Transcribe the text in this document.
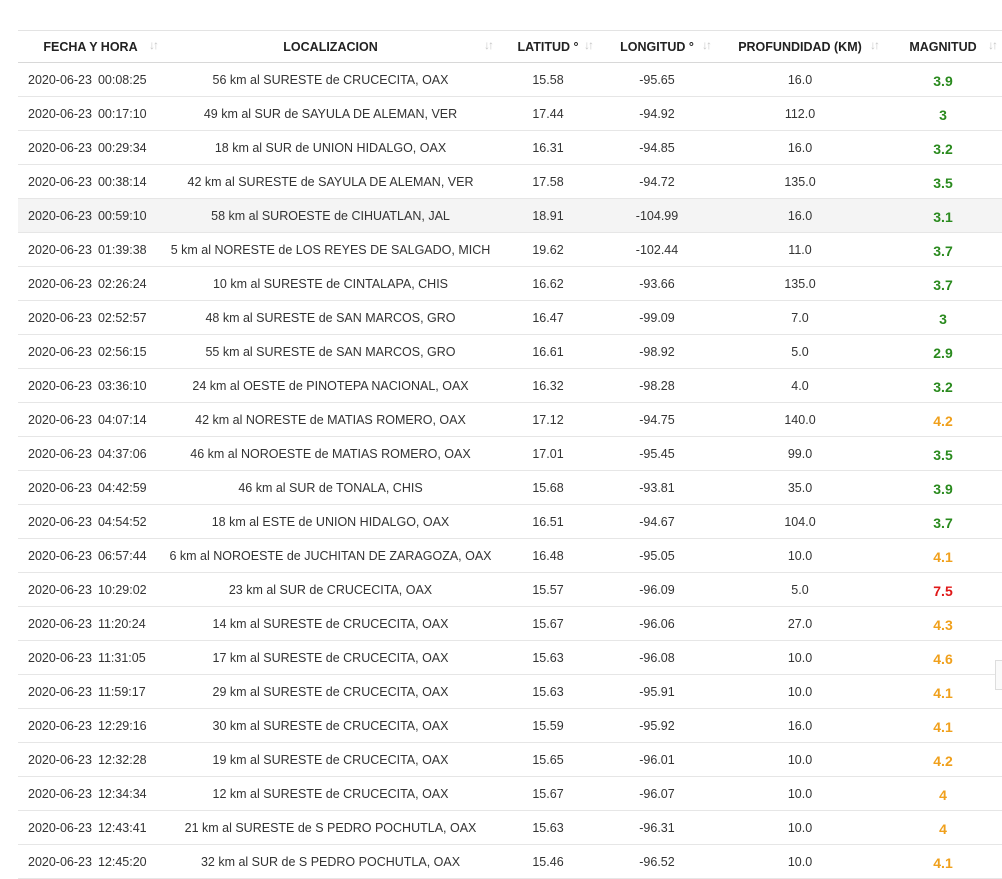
FECHA Y HORA ↓↑	LOCALIZACION ↓↑	LATITUD ° ↓↑	LONGITUD ° ↓↑	PROFUNDIDAD (KM) ↓↑	MAGNITUD ↓↑

2020-06-23 00:08:25	56 km al SURESTE de CRUCECITA, OAX	15.58	-95.65	16.0	3.9
2020-06-23 00:17:10	49 km al SUR de SAYULA DE ALEMAN, VER	17.44	-94.92	112.0	3
2020-06-23 00:29:34	18 km al SUR de UNION HIDALGO, OAX	16.31	-94.85	16.0	3.2
2020-06-23 00:38:14	42 km al SURESTE de SAYULA DE ALEMAN, VER	17.58	-94.72	135.0	3.5
2020-06-23 00:59:10	58 km al SUROESTE de CIHUATLAN, JAL	18.91	-104.99	16.0	3.1
2020-06-23 01:39:38	5 km al NORESTE de LOS REYES DE SALGADO, MICH	19.62	-102.44	11.0	3.7
2020-06-23 02:26:24	10 km al SURESTE de CINTALAPA, CHIS	16.62	-93.66	135.0	3.7
2020-06-23 02:52:57	48 km al SURESTE de SAN MARCOS, GRO	16.47	-99.09	7.0	3
2020-06-23 02:56:15	55 km al SURESTE de SAN MARCOS, GRO	16.61	-98.92	5.0	2.9
2020-06-23 03:36:10	24 km al OESTE de PINOTEPA NACIONAL, OAX	16.32	-98.28	4.0	3.2
2020-06-23 04:07:14	42 km al NORESTE de MATIAS ROMERO, OAX	17.12	-94.75	140.0	4.2
2020-06-23 04:37:06	46 km al NOROESTE de MATIAS ROMERO, OAX	17.01	-95.45	99.0	3.5
2020-06-23 04:42:59	46 km al SUR de TONALA, CHIS	15.68	-93.81	35.0	3.9
2020-06-23 04:54:52	18 km al ESTE de UNION HIDALGO, OAX	16.51	-94.67	104.0	3.7
2020-06-23 06:57:44	6 km al NOROESTE de JUCHITAN DE ZARAGOZA, OAX	16.48	-95.05	10.0	4.1
2020-06-23 10:29:02	23 km al SUR de CRUCECITA, OAX	15.57	-96.09	5.0	7.5
2020-06-23 11:20:24	14 km al SURESTE de CRUCECITA, OAX	15.67	-96.06	27.0	4.3
2020-06-23 11:31:05	17 km al SURESTE de CRUCECITA, OAX	15.63	-96.08	10.0	4.6
2020-06-23 11:59:17	29 km al SURESTE de CRUCECITA, OAX	15.63	-95.91	10.0	4.1
2020-06-23 12:29:16	30 km al SURESTE de CRUCECITA, OAX	15.59	-95.92	16.0	4.1
2020-06-23 12:32:28	19 km al SURESTE de CRUCECITA, OAX	15.65	-96.01	10.0	4.2
2020-06-23 12:34:34	12 km al SURESTE de CRUCECITA, OAX	15.67	-96.07	10.0	4
2020-06-23 12:43:41	21 km al SURESTE de S PEDRO POCHUTLA, OAX	15.63	-96.31	10.0	4
2020-06-23 12:45:20	32 km al SUR de S PEDRO POCHUTLA, OAX	15.46	-96.52	10.0	4.1
